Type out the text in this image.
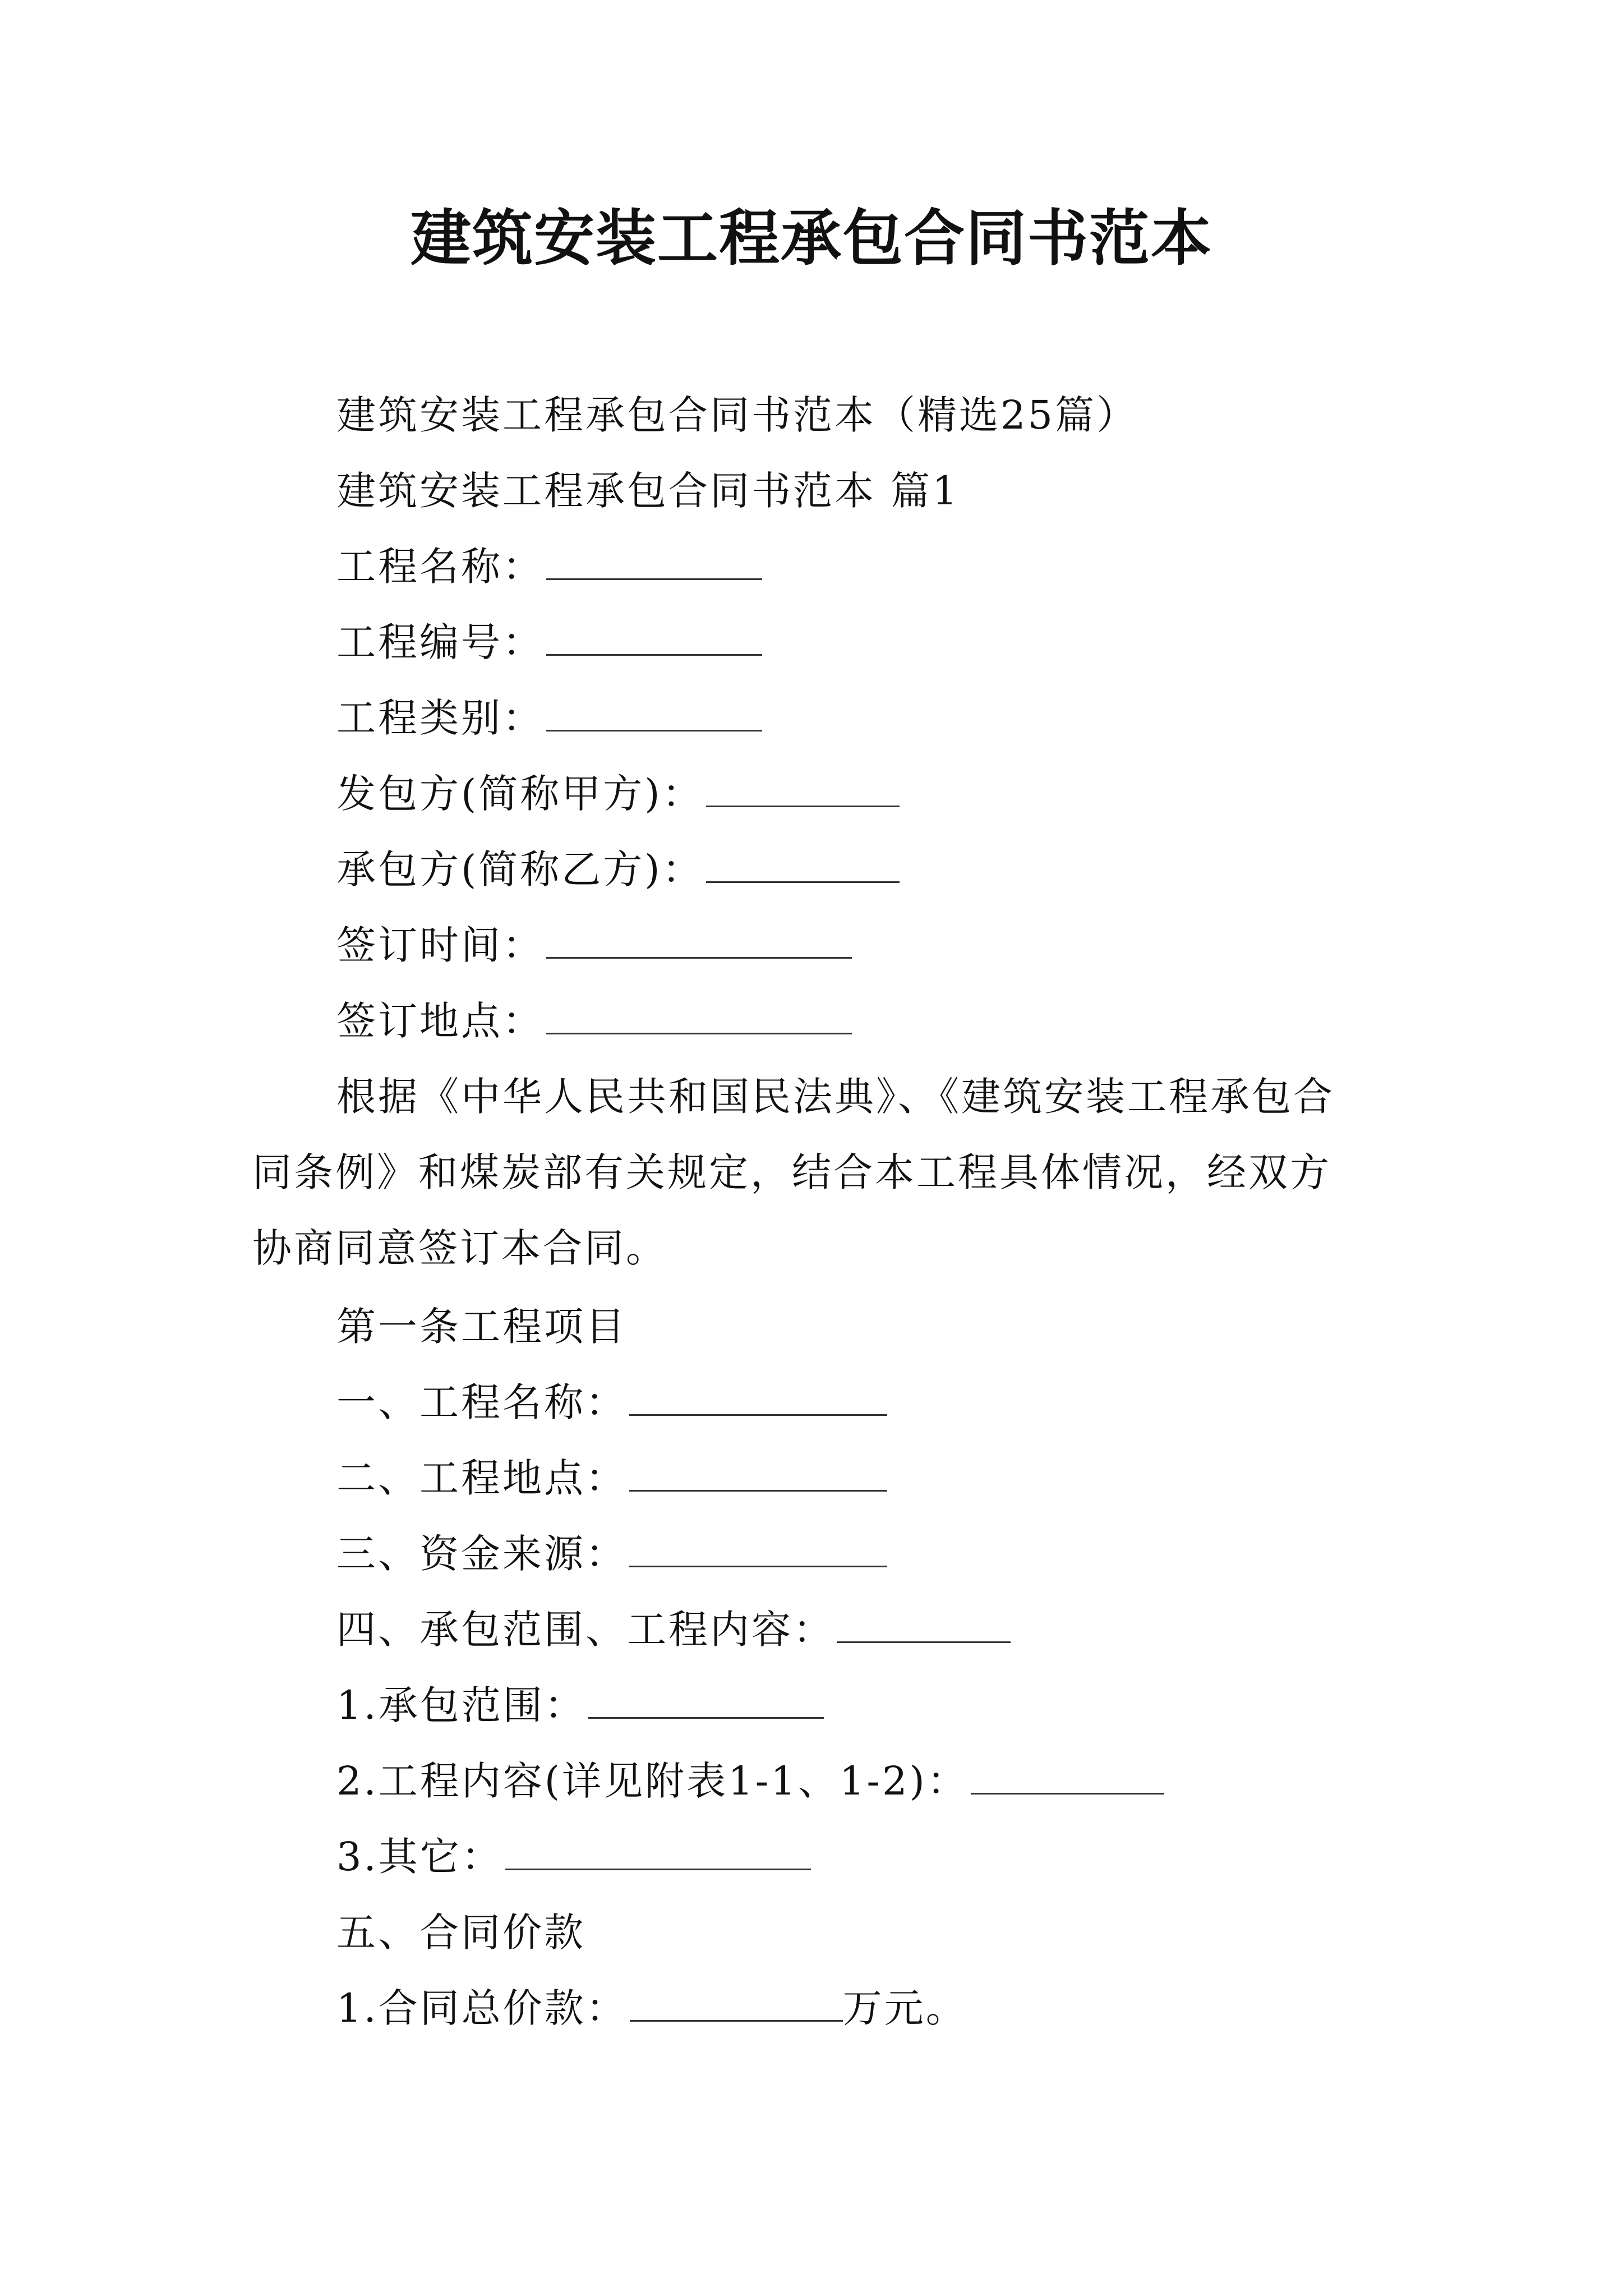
建筑安装工程承包合同书范本
建筑安装工程承包合同书范本（精选25篇）
建筑安装工程承包合同书范本 篇1
工程名称：
工程编号：
工程类别：
发包方(简称甲方)：
承包方(简称乙方)：
签订时间：
签订地点：
根据《中华人民共和国民法典》、《建筑安装工程承包合
同条例》和煤炭部有关规定，结合本工程具体情况，经双方
协商同意签订本合同。
第一条工程项目
一、工程名称：
二、工程地点：
三、资金来源：
四、承包范围、工程内容：
1.承包范围：
2.工程内容(详见附表1-1、1-2)：
3.其它：
五、合同价款
1.合同总价款：	万元。
